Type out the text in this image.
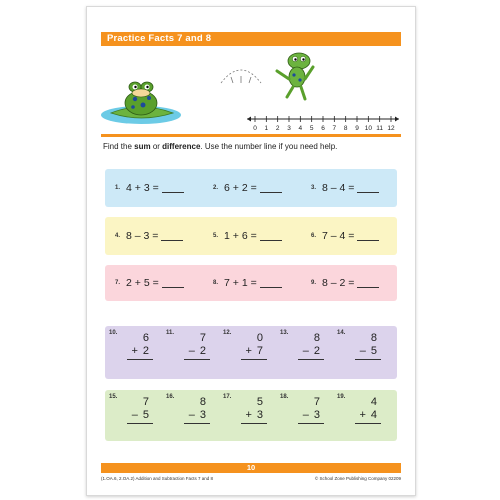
Practice Facts 7 and 8
0 1 2 3 4 5 6 7 8 9 10 11 12
Find the sum or difference. Use the number line if you need help.
1. 4 + 3 =	2. 6 + 2 =	3. 8 – 4 =
4. 8 – 3 =	5. 1 + 6 =	6. 7 – 4 =
7. 2 + 5 =	8. 7 + 1 =	9. 8 – 2 =
10. 6
+ 2
11. 7
– 2
12. 0
+ 7
13. 8
– 2
14. 8
– 5
15. 7
– 5
16. 8
– 3
17. 5
+ 3
18. 7
– 3
19. 4
+ 4
10
(1.OA.6, 2.OA.2) Addition and Subtraction Facts 7 and 8	© School Zone Publishing Company 02209
